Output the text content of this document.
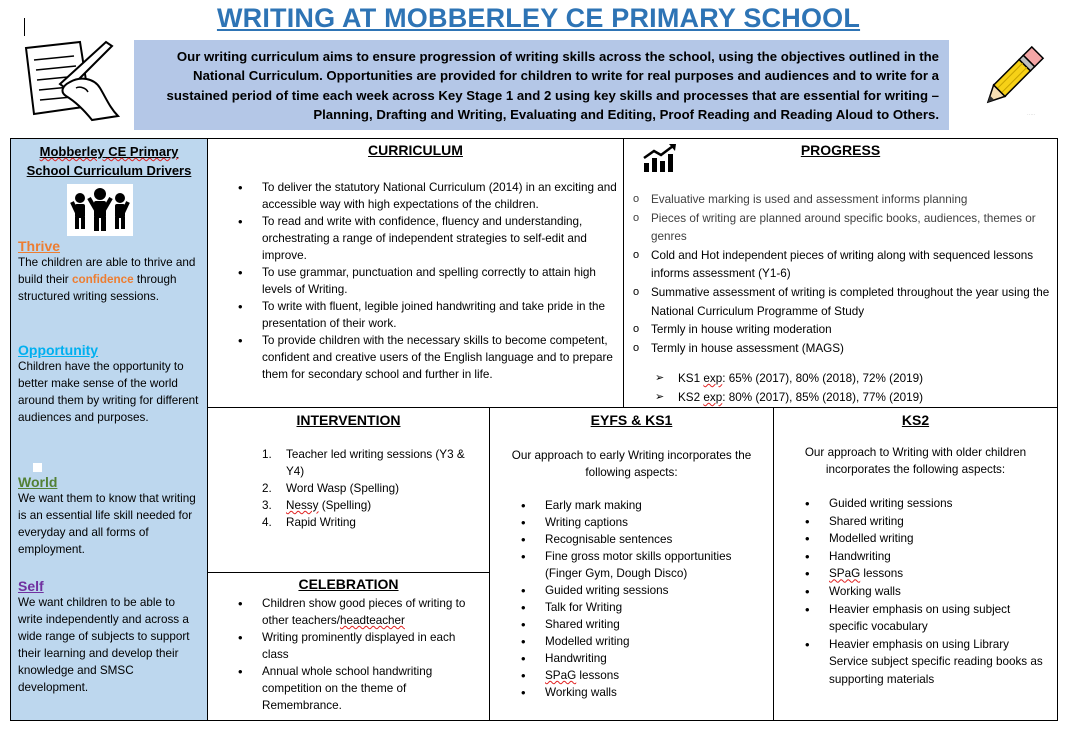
WRITING AT MOBBERLEY CE PRIMARY SCHOOL
Our writing curriculum aims to ensure progression of writing skills across the school, using the objectives outlined in the National Curriculum. Opportunities are provided for children to write for real purposes and audiences and to write for a sustained period of time each week across Key Stage 1 and 2 using key skills and processes that are essential for writing – Planning, Drafting and Writing, Evaluating and Editing, Proof Reading and Reading Aloud to Others.	·····
Mobberley CE Primary
School Curriculum Drivers
Thrive
The children are able to thrive and build their confidence through structured writing sessions.
Opportunity
Children have the opportunity to better make sense of the world around them by writing for different audiences and purposes.
World
We want them to know that writing is an essential life skill needed for everyday and all forms of employment.
Self
We want children to be able to write independently and across a wide range of subjects to support their learning and develop their knowledge and SMSC development.
CURRICULUM
• To deliver the statutory National Curriculum (2014) in an exciting and accessible way with high expectations of the children.
• To read and write with confidence, fluency and understanding, orchestrating a range of independent strategies to self-edit and improve.
• To use grammar, punctuation and spelling correctly to attain high levels of Writing.
• To write with fluent, legible joined handwriting and take pride in the presentation of their work.
• To provide children with the necessary skills to become competent, confident and creative users of the English language and to prepare them for secondary school and further in life.
PROGRESS
o Evaluative marking is used and assessment informs planning
o Pieces of writing are planned around specific books, audiences, themes or genres
o Cold and Hot independent pieces of writing along with sequenced lessons informs assessment (Y1-6)
o Summative assessment of writing is completed throughout the year using the National Curriculum Programme of Study
o Termly in house writing moderation
o Termly in house assessment (MAGS)
➢ KS1 exp: 65% (2017), 80% (2018), 72% (2019)
➢ KS2 exp: 80% (2017), 85% (2018), 77% (2019)
INTERVENTION
1. Teacher led writing sessions (Y3 & Y4)
2. Word Wasp (Spelling)
3. Nessy (Spelling)
4. Rapid Writing
CELEBRATION
• Children show good pieces of writing to other teachers/headteacher
• Writing prominently displayed in each class
• Annual whole school handwriting competition on the theme of Remembrance.
EYFS & KS1
Our approach to early Writing incorporates the following aspects:
• Early mark making
• Writing captions
• Recognisable sentences
• Fine gross motor skills opportunities (Finger Gym, Dough Disco)
• Guided writing sessions
• Talk for Writing
• Shared writing
• Modelled writing
• Handwriting
• SPaG lessons
• Working walls
KS2
Our approach to Writing with older children incorporates the following aspects:
• Guided writing sessions
• Shared writing
• Modelled writing
• Handwriting
• SPaG lessons
• Working walls
• Heavier emphasis on using subject specific vocabulary
• Heavier emphasis on using Library Service subject specific reading books as supporting materials
